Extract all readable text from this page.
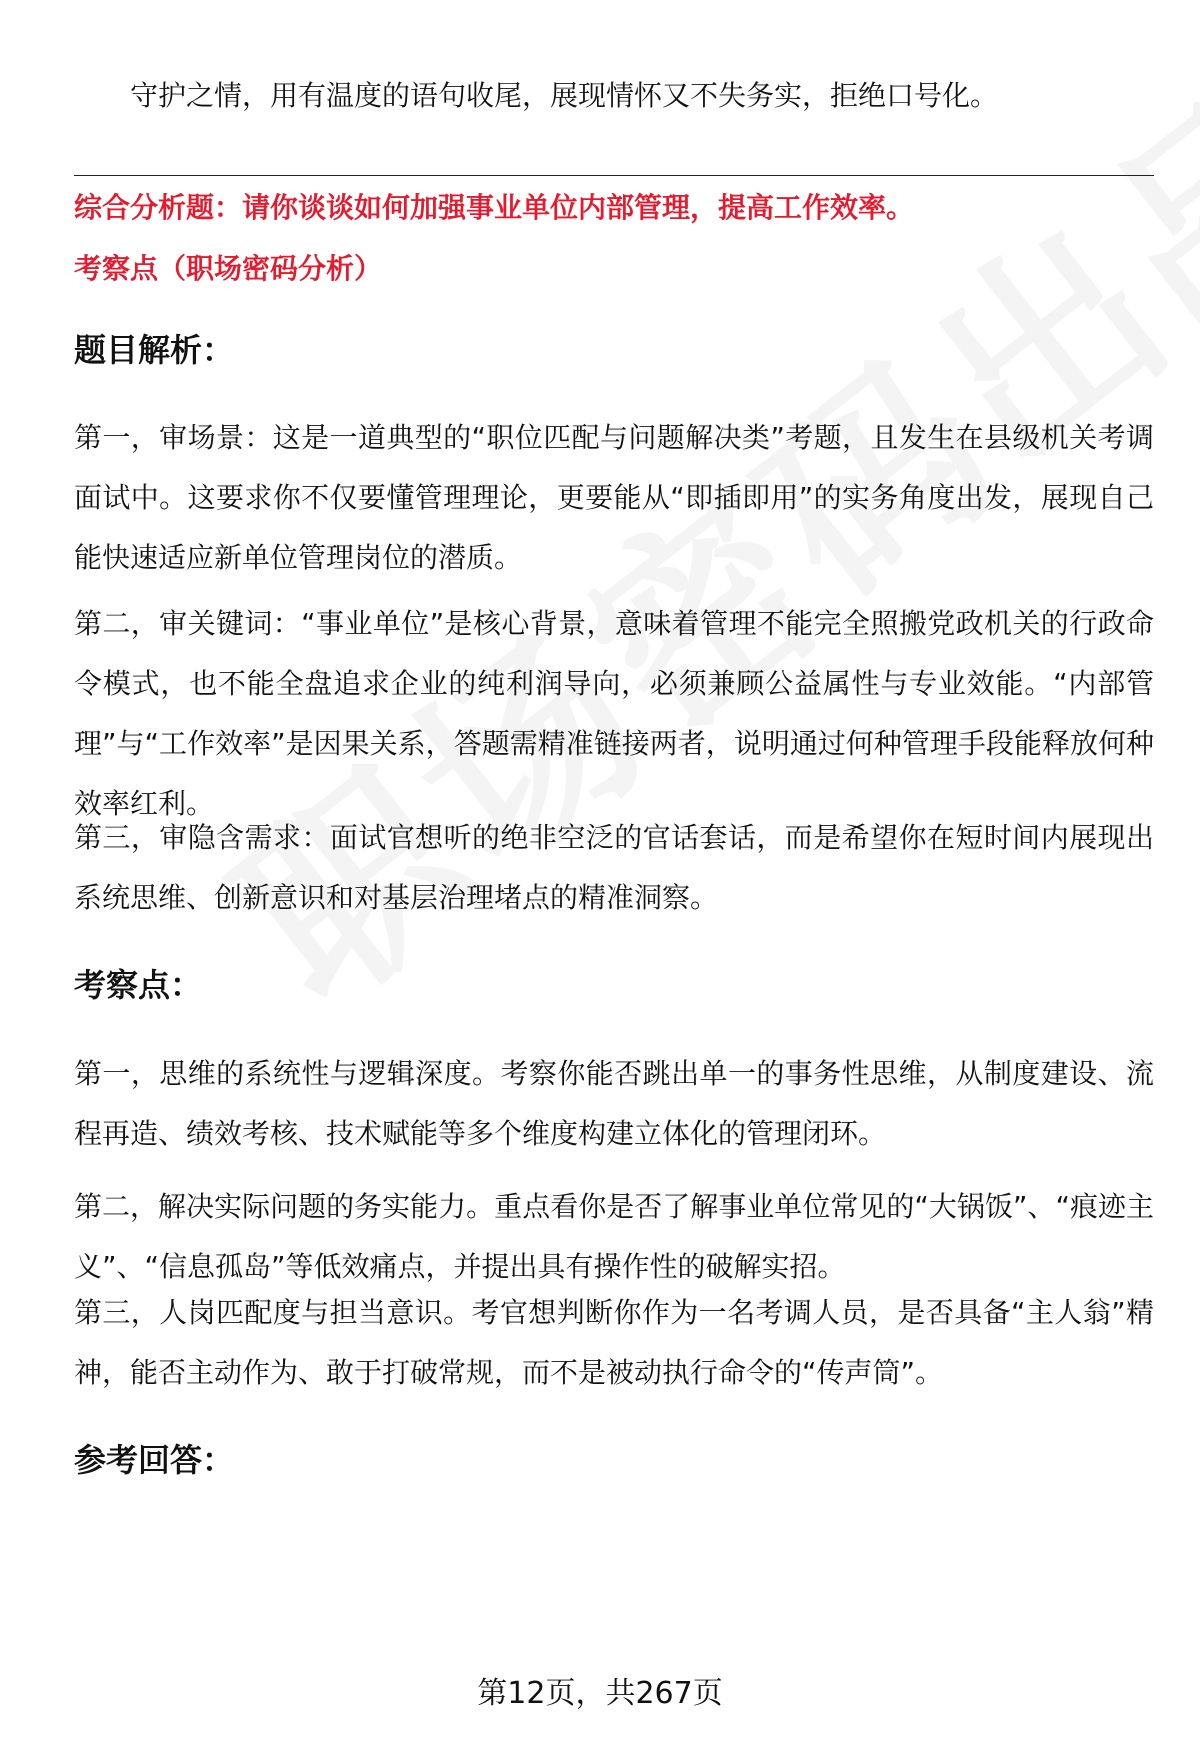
守护之情，用有温度的语句收尾，展现情怀又不失务实，拒绝口号化。

综合分析题：请你谈谈如何加强事业单位内部管理，提高工作效率。

考察点（职场密码分析）

题目解析：

第一，审场景：这是一道典型的“职位匹配与问题解决类”考题，且发生在县级机关考调面试中。这要求你不仅要懂管理理论，更要能从“即插即用”的实务角度出发，展现自己能快速适应新单位管理岗位的潜质。

第二，审关键词：“事业单位”是核心背景，意味着管理不能完全照搬党政机关的行政命令模式，也不能全盘追求企业的纯利润导向，必须兼顾公益属性与专业效能。“内部管理”与“工作效率”是因果关系，答题需精准链接两者，说明通过何种管理手段能释放何种效率红利。

第三，审隐含需求：面试官想听的绝非空泛的官话套话，而是希望你在短时间内展现出系统思维、创新意识和对基层治理堵点的精准洞察。

考察点：

第一，思维的系统性与逻辑深度。考察你能否跳出单一的事务性思维，从制度建设、流程再造、绩效考核、技术赋能等多个维度构建立体化的管理闭环。

第二，解决实际问题的务实能力。重点看你是否了解事业单位常见的“大锅饭”、“痕迹主义”、“信息孤岛”等低效痛点，并提出具有操作性的破解实招。

第三，人岗匹配度与担当意识。考官想判断你作为一名考调人员，是否具备“主人翁”精神，能否主动作为、敢于打破常规，而不是被动执行命令的“传声筒”。

参考回答：

第12页，共267页
